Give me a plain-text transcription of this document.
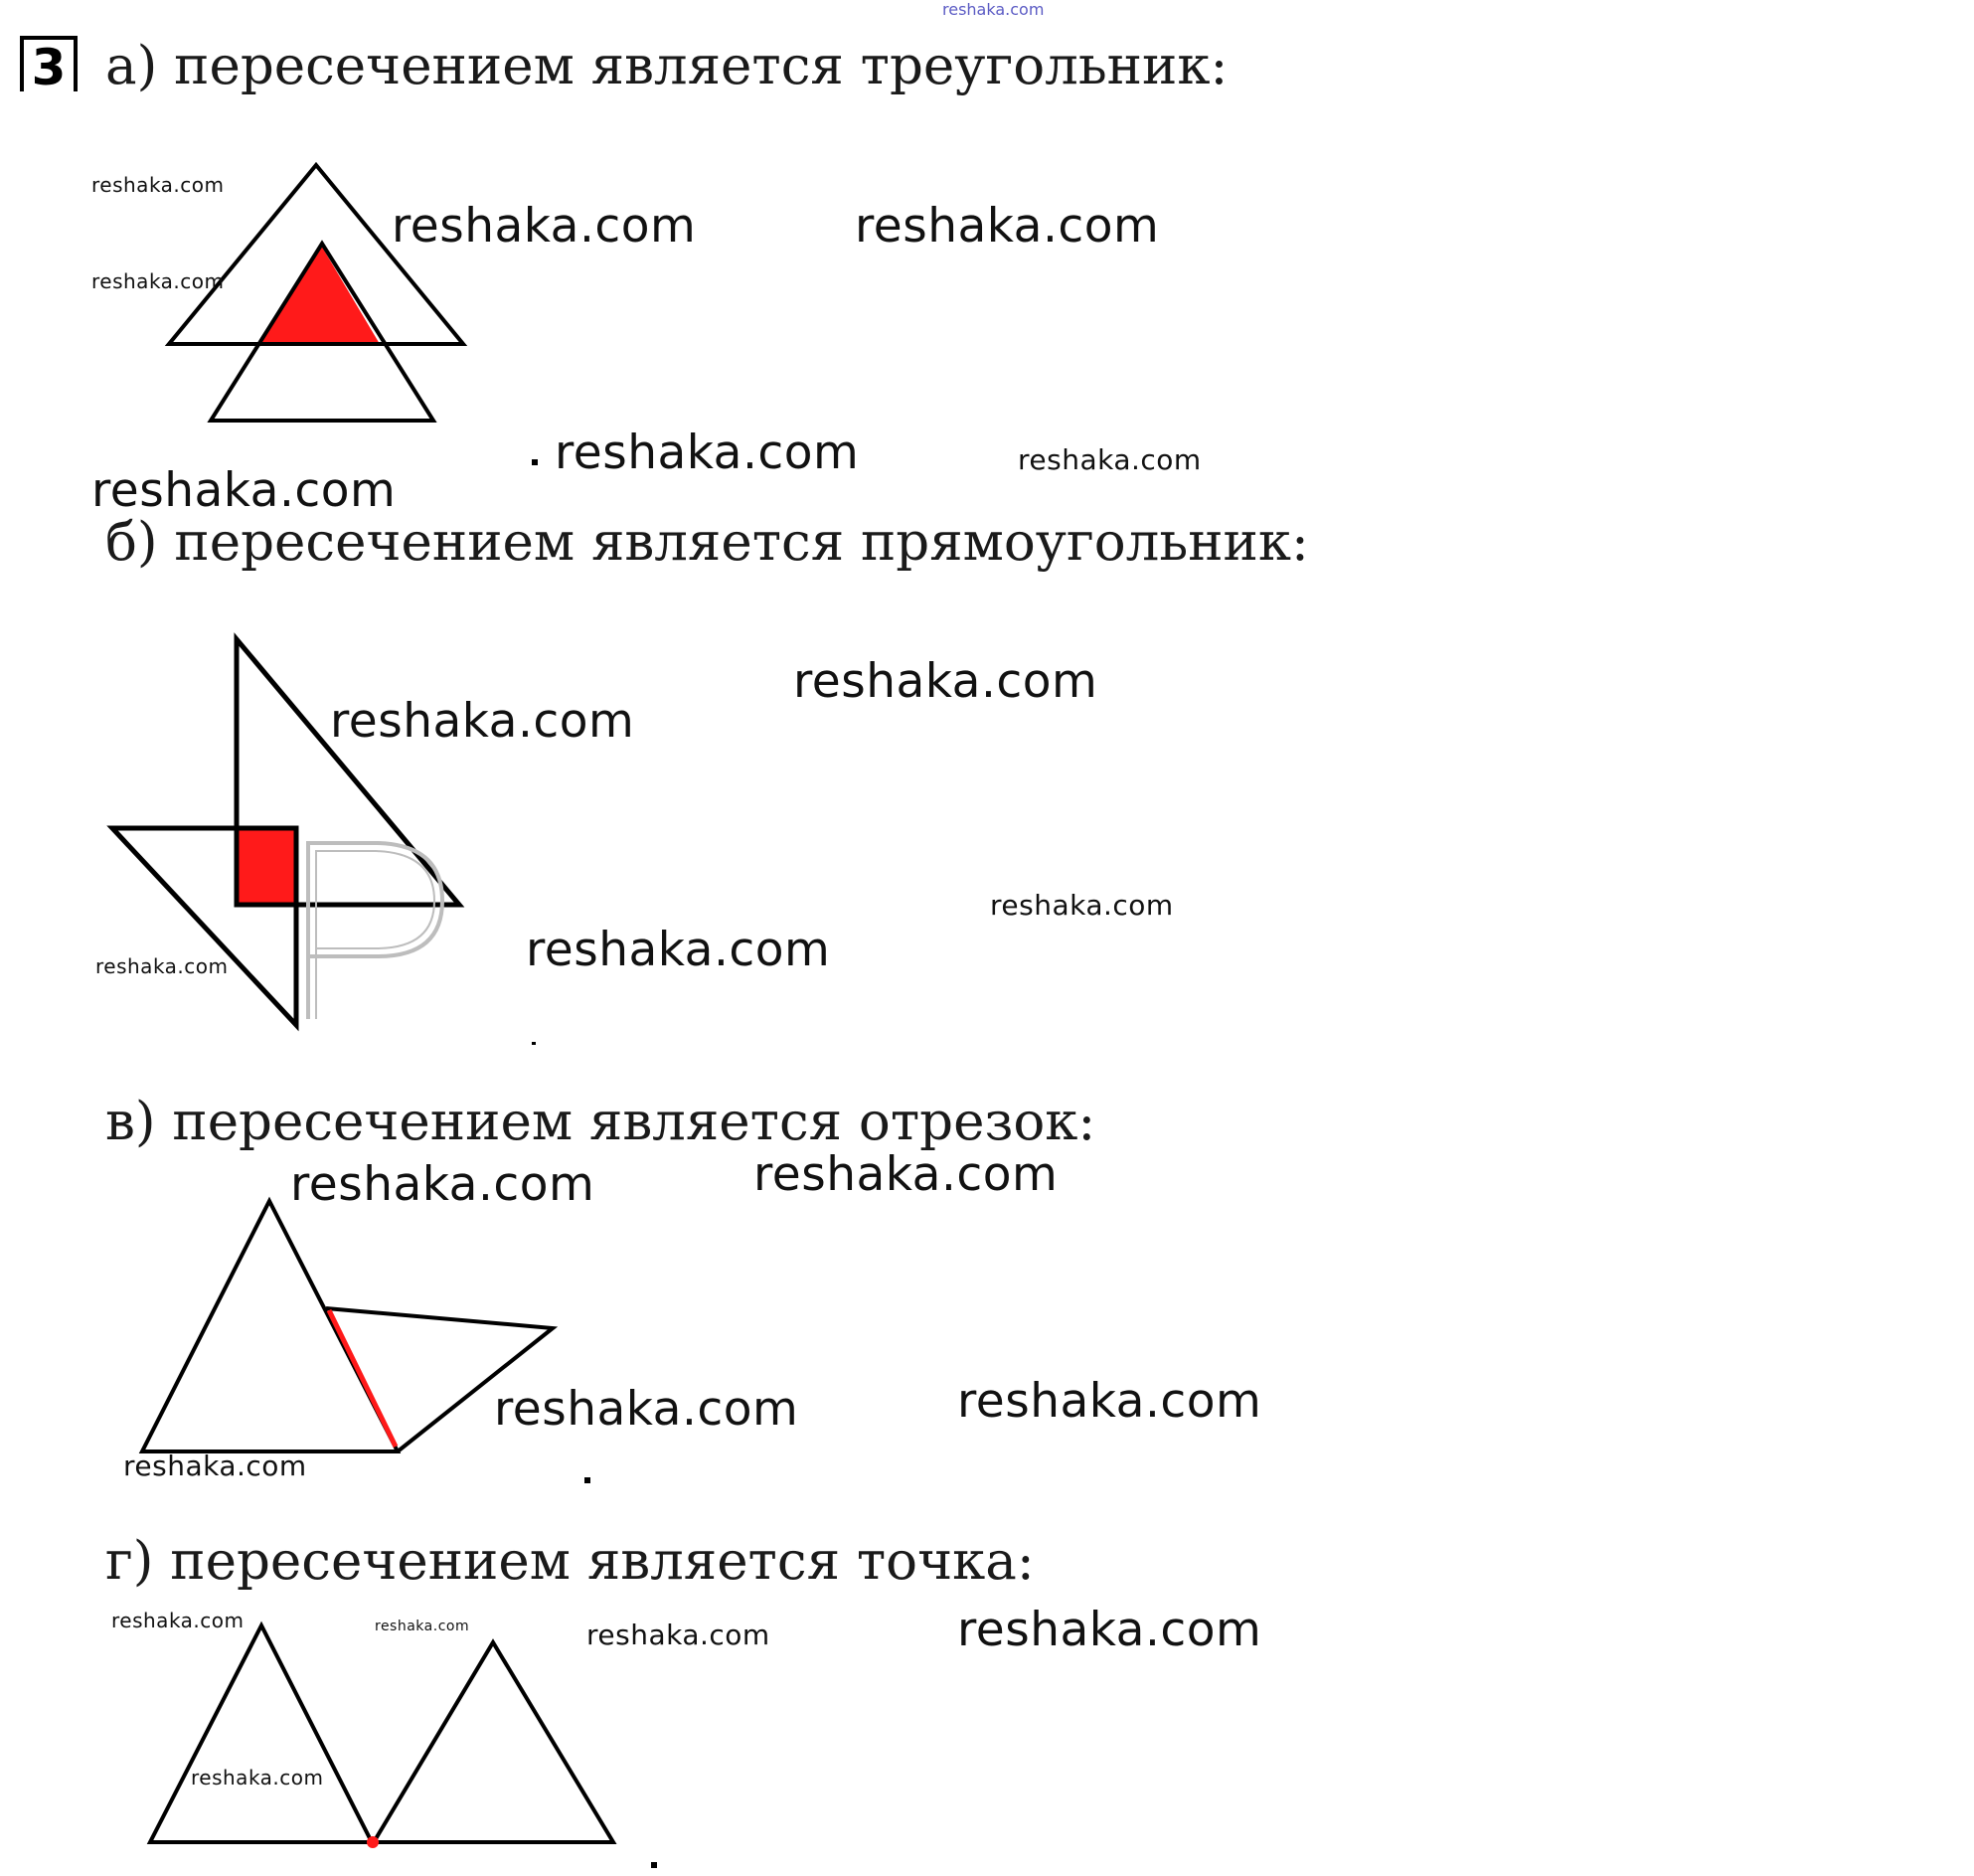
reshaka.com
3 а) пересечением является треугольник:
б) пересечением является прямоугольник:
в) пересечением является отрезок:
г) пересечением является точка:
reshaka.com
reshaka.com
reshaka.com	reshaka.com
reshaka.com	reshaka.com
reshaka.com
reshaka.com
reshaka.com
reshaka.com
reshaka.com
reshaka.com
reshaka.com	reshaka.com
reshaka.com	reshaka.com
reshaka.com
reshaka.com	reshaka.com	reshaka.com	reshaka.com
reshaka.com
